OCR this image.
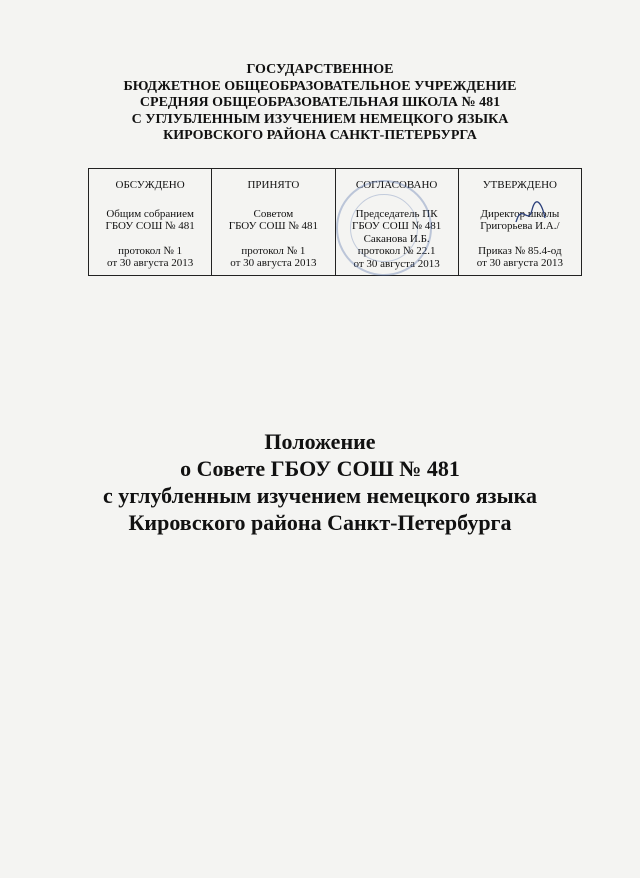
ГОСУДАРСТВЕННОЕ
БЮДЖЕТНОЕ ОБЩЕОБРАЗОВАТЕЛЬНОЕ УЧРЕЖДЕНИЕ
СРЕДНЯЯ ОБЩЕОБРАЗОВАТЕЛЬНАЯ ШКОЛА № 481
С УГЛУБЛЕННЫМ ИЗУЧЕНИЕМ НЕМЕЦКОГО ЯЗЫКА
КИРОВСКОГО РАЙОНА САНКТ-ПЕТЕРБУРГА
ОБСУЖДЕНО
Общим собранием
ГБОУ СОШ № 481
протокол № 1
от 30 августа 2013
ПРИНЯТО
Советом
ГБОУ СОШ № 481
протокол № 1
от 30 августа 2013
СОГЛАСОВАНО
Председатель ПК
ГБОУ СОШ № 481
Саканова И.Б.
протокол № 22.1
от 30 августа 2013
УТВЕРЖДЕНО
Директор школы
Григорьева И.А./
Приказ № 85.4-од
от 30 августа 2013
Положение
о Совете ГБОУ СОШ № 481
с углубленным изучением немецкого языка
Кировского района Санкт-Петербурга
